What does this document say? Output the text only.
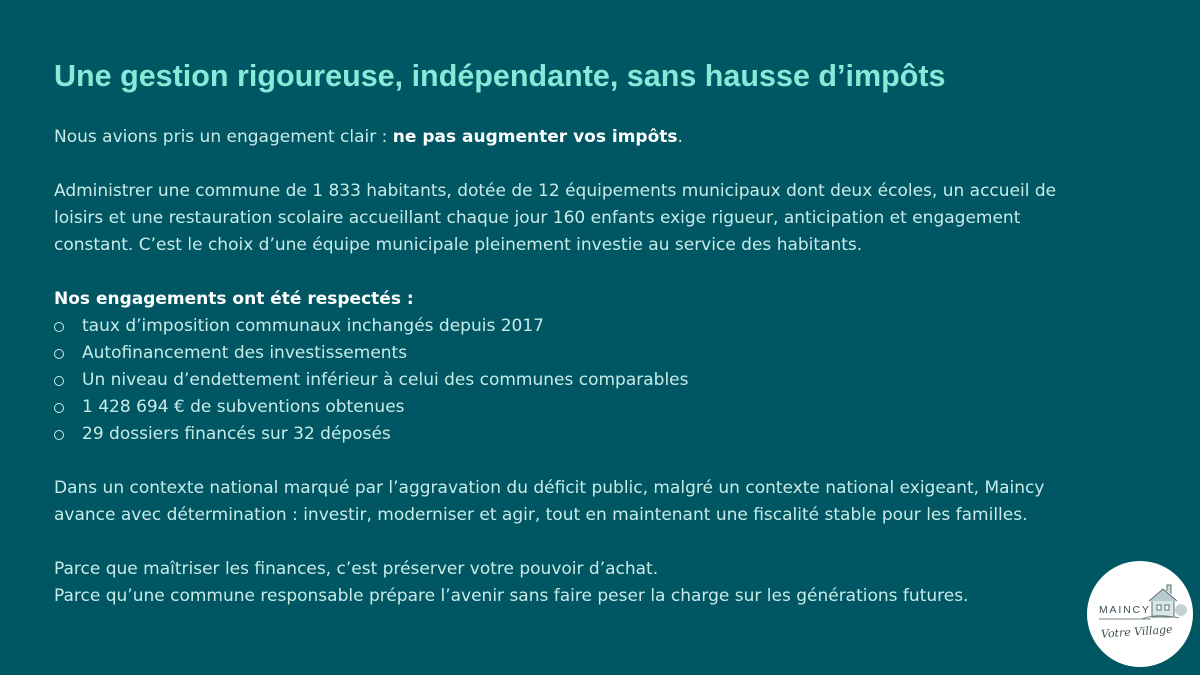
Une gestion rigoureuse, indépendante, sans hausse d’impôts

Nous avions pris un engagement clair : ne pas augmenter vos impôts.

Administrer une commune de 1 833 habitants, dotée de 12 équipements municipaux dont deux écoles, un accueil de

loisirs et une restauration scolaire accueillant chaque jour 160 enfants exige rigueur, anticipation et engagement

constant. C’est le choix d’une équipe municipale pleinement investie au service des habitants.

Nos engagements ont été respectés :

taux d’imposition communaux inchangés depuis 2017
Autofinancement des investissements
Un niveau d’endettement inférieur à celui des communes comparables
1 428 694 € de subventions obtenues
29 dossiers financés sur 32 déposés

Dans un contexte national marqué par l’aggravation du déficit public, malgré un contexte national exigeant, Maincy

avance avec détermination : investir, moderniser et agir, tout en maintenant une fiscalité stable pour les familles.

Parce que maîtriser les finances, c’est préserver votre pouvoir d’achat.

Parce qu’une commune responsable prépare l’avenir sans faire peser la charge sur les générations futures.

MAINCY
Votre Village
